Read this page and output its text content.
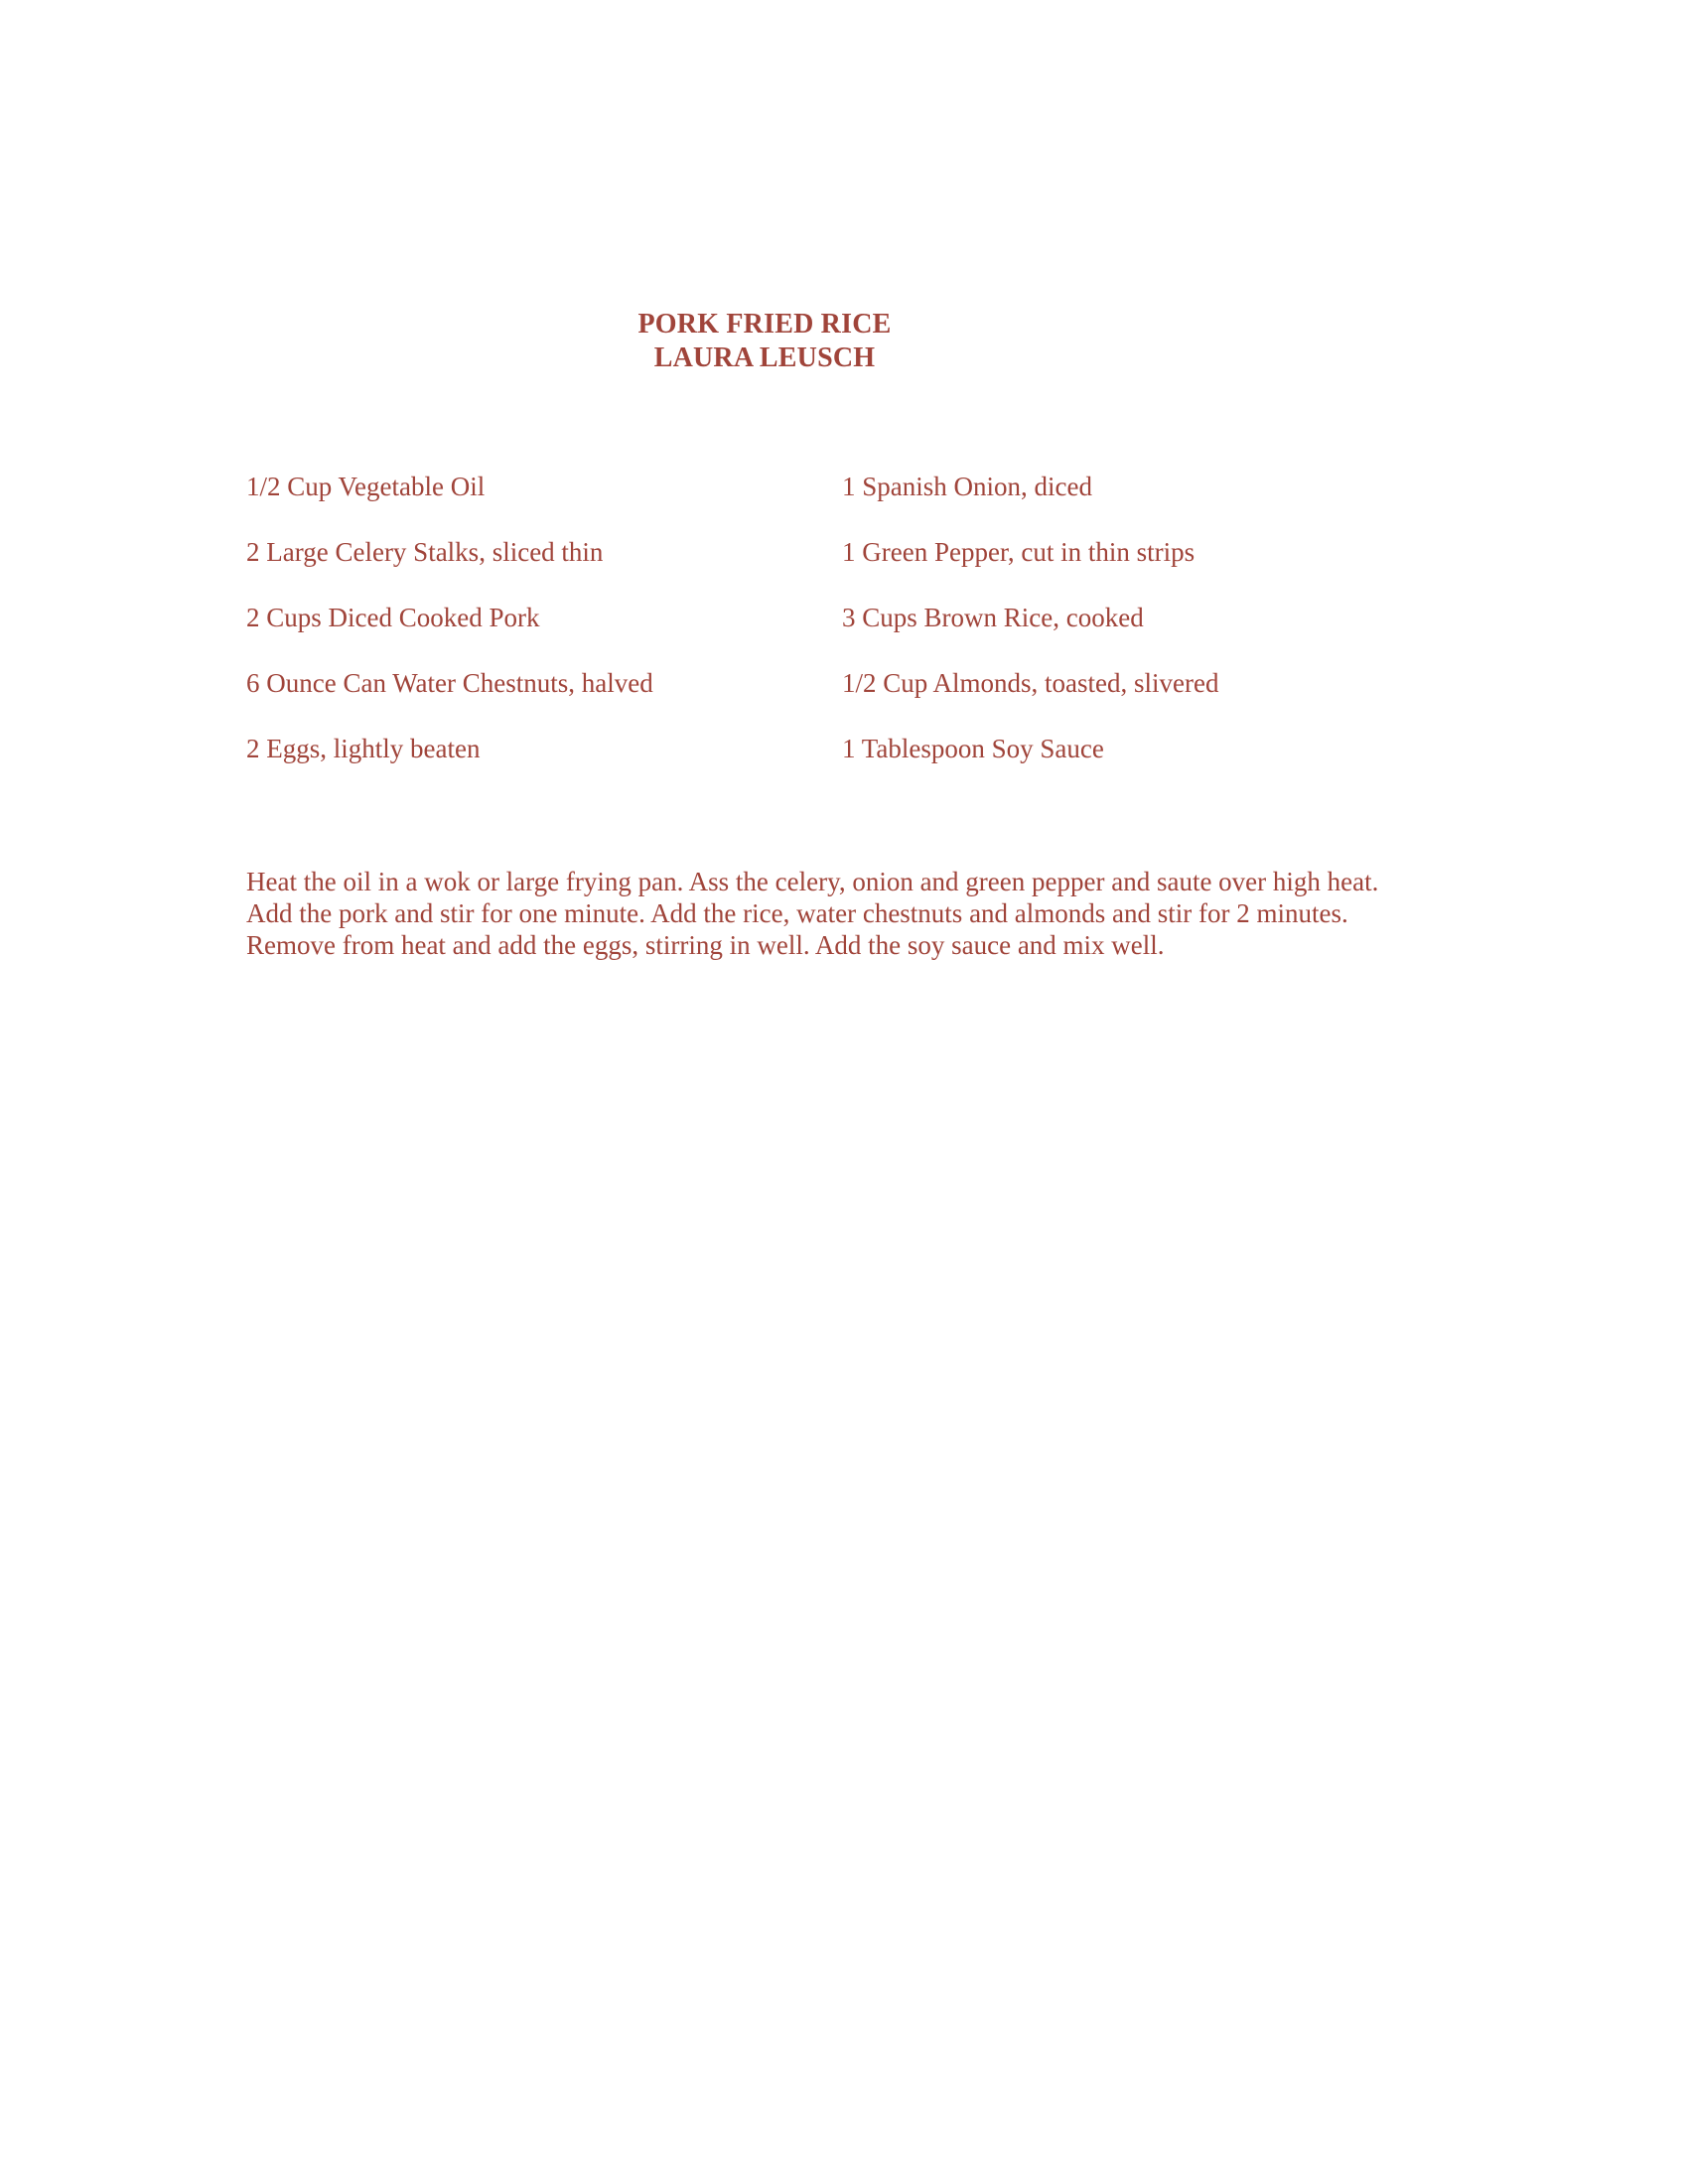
PORK FRIED RICE
LAURA LEUSCH
1/2 Cup Vegetable Oil	1 Spanish Onion, diced
2 Large Celery Stalks, sliced thin	1 Green Pepper, cut in thin strips
2 Cups Diced Cooked Pork	3 Cups Brown Rice, cooked
6 Ounce Can Water Chestnuts, halved	1/2 Cup Almonds, toasted, slivered
2 Eggs, lightly beaten	1 Tablespoon Soy Sauce
Heat the oil in a wok or large frying pan. Ass the celery, onion and green pepper and saute over high heat. Add the pork and stir for one minute. Add the rice, water chestnuts and almonds and stir for 2 minutes. Remove from heat and add the eggs, stirring in well. Add the soy sauce and mix well.
